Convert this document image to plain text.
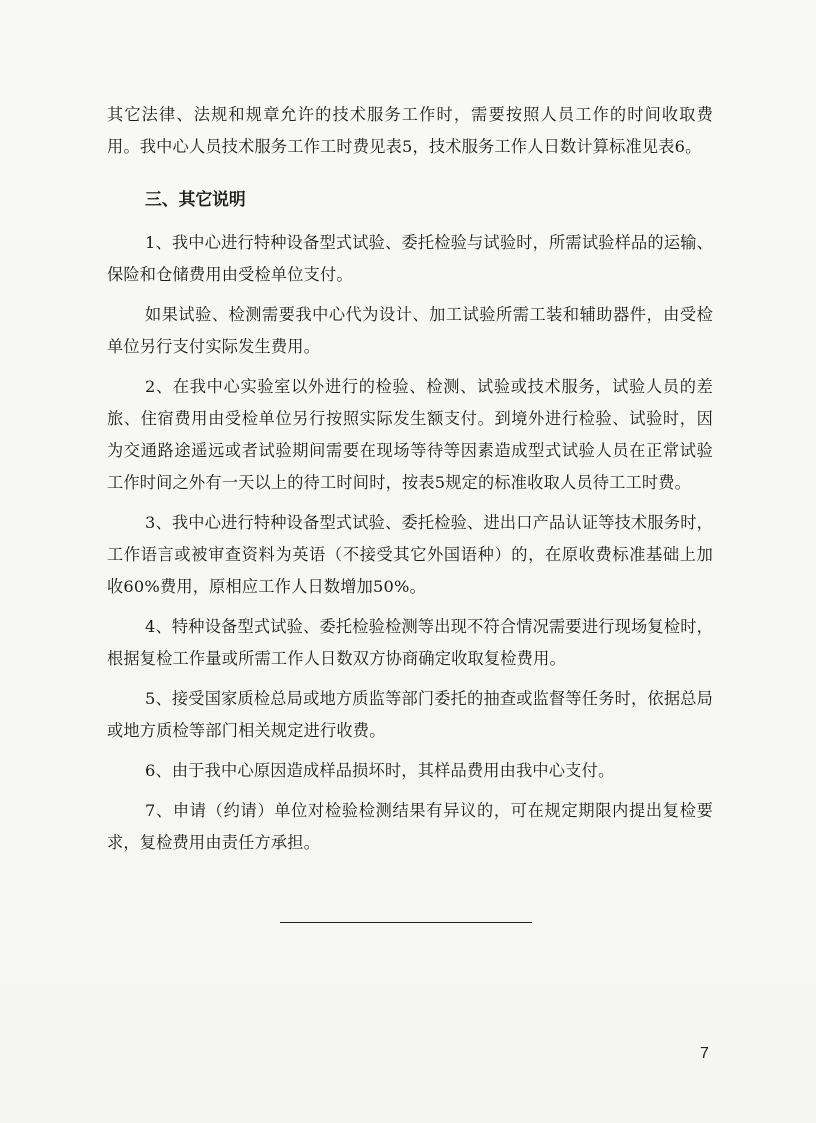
其它法律、法规和规章允许的技术服务工作时，需要按照人员工作的时间收取费用。我中心人员技术服务工作工时费见表5，技术服务工作人日数计算标准见表6。

三、其它说明

1、我中心进行特种设备型式试验、委托检验与试验时，所需试验样品的运输、保险和仓储费用由受检单位支付。

如果试验、检测需要我中心代为设计、加工试验所需工装和辅助器件，由受检单位另行支付实际发生费用。

2、在我中心实验室以外进行的检验、检测、试验或技术服务，试验人员的差旅、住宿费用由受检单位另行按照实际发生额支付。到境外进行检验、试验时，因为交通路途遥远或者试验期间需要在现场等待等因素造成型式试验人员在正常试验工作时间之外有一天以上的待工时间时，按表5规定的标准收取人员待工工时费。

3、我中心进行特种设备型式试验、委托检验、进出口产品认证等技术服务时，工作语言或被审查资料为英语（不接受其它外国语种）的，在原收费标准基础上加收60%费用，原相应工作人日数增加50%。

4、特种设备型式试验、委托检验检测等出现不符合情况需要进行现场复检时，根据复检工作量或所需工作人日数双方协商确定收取复检费用。

5、接受国家质检总局或地方质监等部门委托的抽查或监督等任务时，依据总局或地方质检等部门相关规定进行收费。

6、由于我中心原因造成样品损坏时，其样品费用由我中心支付。

7、申请（约请）单位对检验检测结果有异议的，可在规定期限内提出复检要求，复检费用由责任方承担。

7
